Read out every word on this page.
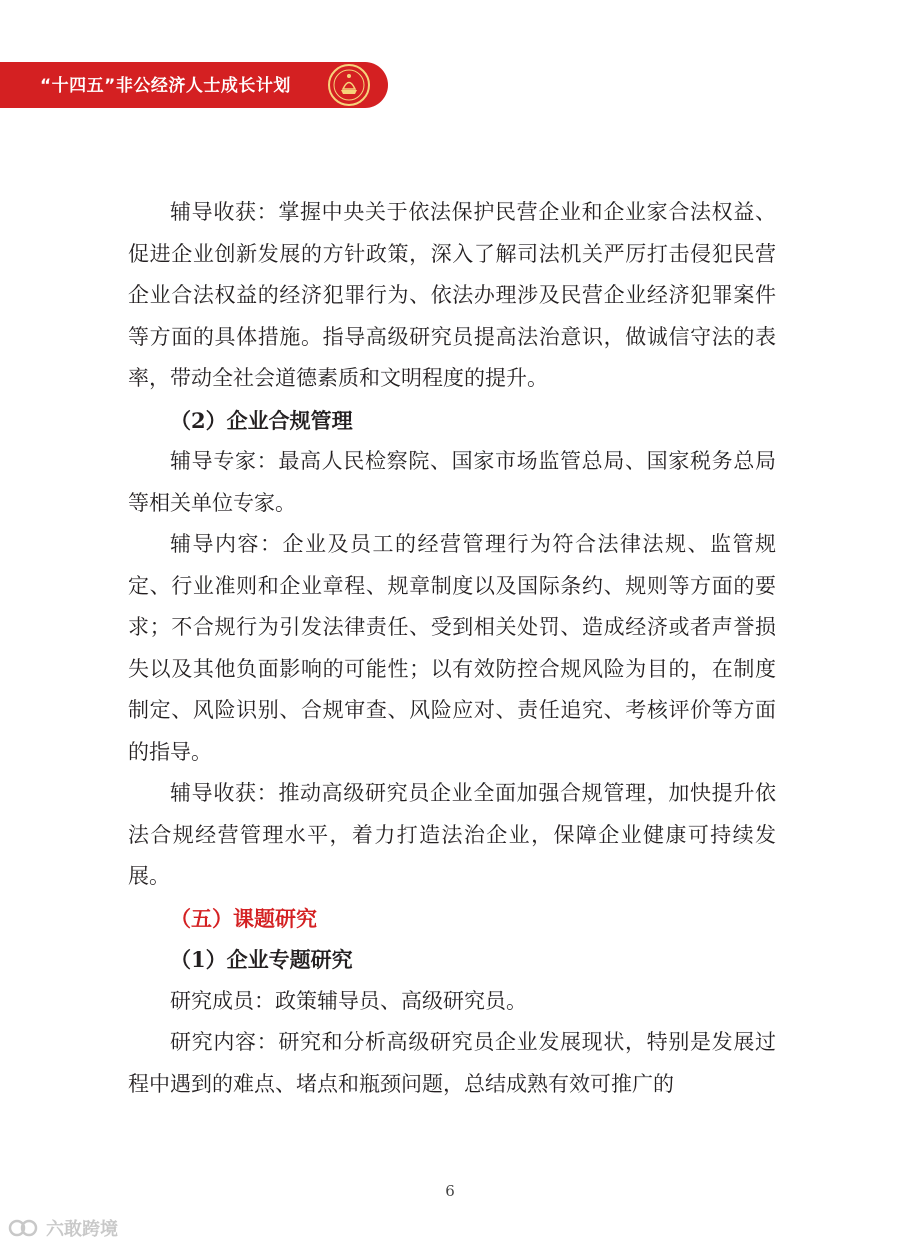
“十四五”非公经济人士成长计划

辅导收获：掌握中央关于依法保护民营企业和企业家合法权益、促进企业创新发展的方针政策，深入了解司法机关严厉打击侵犯民营企业合法权益的经济犯罪行为、依法办理涉及民营企业经济犯罪案件等方面的具体措施。指导高级研究员提高法治意识，做诚信守法的表率，带动全社会道德素质和文明程度的提升。

（2）企业合规管理

辅导专家：最高人民检察院、国家市场监管总局、国家税务总局等相关单位专家。

辅导内容：企业及员工的经营管理行为符合法律法规、监管规定、行业准则和企业章程、规章制度以及国际条约、规则等方面的要求；不合规行为引发法律责任、受到相关处罚、造成经济或者声誉损失以及其他负面影响的可能性；以有效防控合规风险为目的，在制度制定、风险识别、合规审查、风险应对、责任追究、考核评价等方面的指导。

辅导收获：推动高级研究员企业全面加强合规管理，加快提升依法合规经营管理水平，着力打造法治企业，保障企业健康可持续发展。

（五）课题研究

（1）企业专题研究

研究成员：政策辅导员、高级研究员。

研究内容：研究和分析高级研究员企业发展现状，特别是发展过程中遇到的难点、堵点和瓶颈问题，总结成熟有效可推广的

6
六敢跨境
